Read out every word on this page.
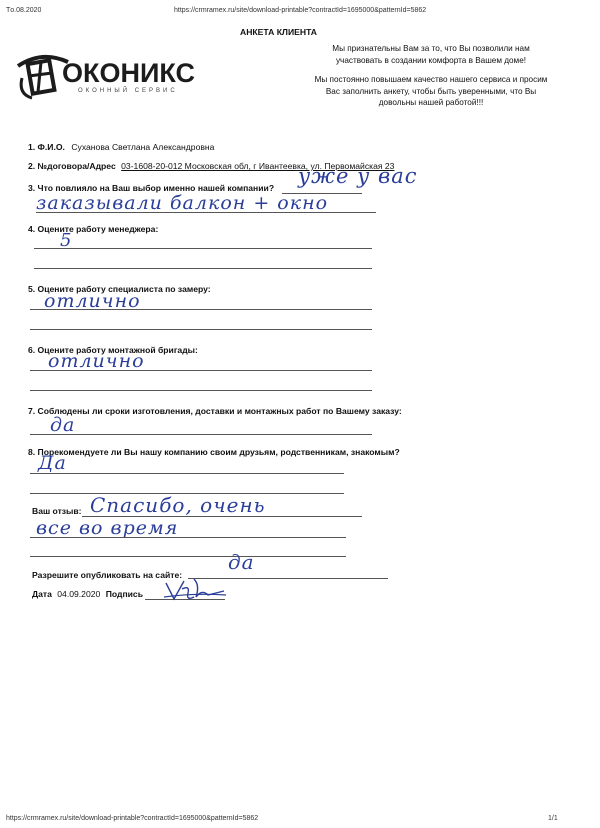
Тo.08.2020	https://crmramex.ru/site/download-printable?contractId=1695000&patternId=5862
АНКЕТА КЛИЕНТА
ОКОНИКС
ОКОННЫЙ СЕРВИС
Мы признательны Вам за то, что Вы позволили нам
участвовать в создании комфорта в Вашем доме!
Мы постоянно повышаем качество нашего сервиса и просим
Вас заполнить анкету, чтобы быть уверенными, что Вы
довольны нашей работой!!!
1. Ф.И.О. Суханова Светлана Александровна
2. №договора/Адрес 03-1608-20-012 Московская обл, г Ивантеевка, ул. Первомайская 23
3. Что повлияло на Ваш выбор именно нашей компании? уже у вас
заказывали балкон + окно
4. Оцените работу менеджера:
5
5. Оцените работу специалиста по замеру:
отлично
6. Оцените работу монтажной бригады:
отлично
7. Соблюдены ли сроки изготовления, доставки и монтажных работ по Вашему заказу:
да
8. Порекомендуете ли Вы нашу компанию своим друзьям, родственникам, знакомым?
Да
Ваш отзыв: Спасибо, очень
все во время
Разрешите опубликовать на сайте:
да
Дата 04.09.2020 Подпись
https://crmramex.ru/site/download-printable?contractId=1695000&patternId=5862	1/1
